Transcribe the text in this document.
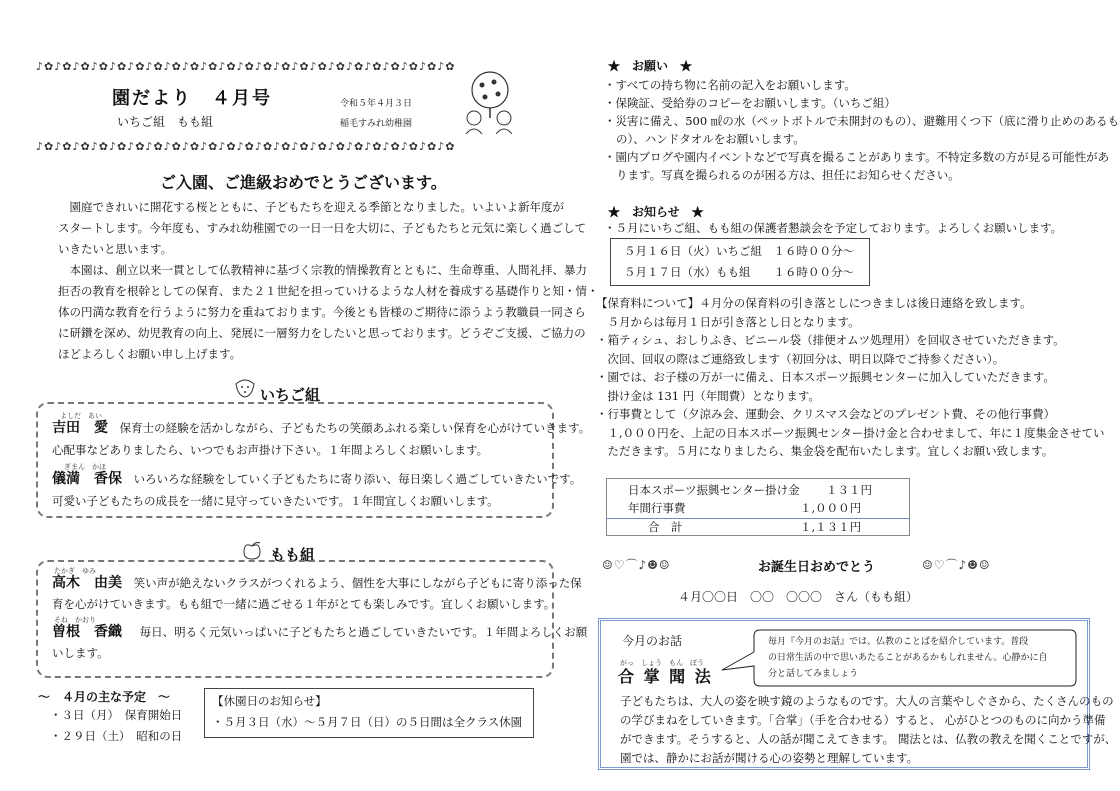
♪✿♪✿♪✿♪✿♪✿♪✿♪✿♪✿♪✿♪✿♪✿♪✿♪✿♪✿♪✿♪✿♪✿♪✿♪✿♪✿♪✿♪✿♪✿
園だより　４月号	令和５年４月３日
いちご組　もも組	稲毛すみれ幼稚園
♪✿♪✿♪✿♪✿♪✿♪✿♪✿♪✿♪✿♪✿♪✿♪✿♪✿♪✿♪✿♪✿♪✿♪✿♪✿♪✿♪✿♪✿♪✿
ご入園、ご進級おめでとうございます。
園庭できれいに開花する桜とともに、子どもたちを迎える季節となりました。いよいよ新年度が
スタートします。今年度も、すみれ幼稚園での一日一日を大切に、子どもたちと元気に楽しく過ごして
いきたいと思います。
本園は、創立以来一貫として仏教精神に基づく宗教的情操教育とともに、生命尊重、人間礼拝、暴力
拒否の教育を根幹としての保育、また２１世紀を担っていけるような人材を養成する基礎作りと知・情・
体の円満な教育を行うように努力を重ねております。今後とも皆様のご期待に添うよう教職員一同さら
に研鑽を深め、幼児教育の向上、発展に一層努力をしたいと思っております。どうぞご支援、ご協力の
ほどよろしくお願い申し上げます。
いちご組
よしだ　あい
吉田　愛 保育士の経験を活かしながら、子どもたちの笑顔あふれる楽しい保育を心がけていきます。
心配事などありましたら、いつでもお声掛け下さい。１年間よろしくお願いします。
ぎまん　かほ
儀満　香保 いろいろな経験をしていく子どもたちに寄り添い、毎日楽しく過ごしていきたいです。
可愛い子どもたちの成長を一緒に見守っていきたいです。１年間宜しくお願いします。
もも組
たかぎ　ゆみ
高木　由美 笑い声が絶えないクラスがつくれるよう、個性を大事にしながら子どもに寄り添った保
育を心がけていきます。もも組で一緒に過ごせる１年がとても楽しみです。宜しくお願いします。
そね　かおり
曽根　香織 毎日、明るく元気いっぱいに子どもたちと過ごしていきたいです。１年間よろしくお願
いします。
～　４月の主な予定　～
・３日（月）　保育開始日
・２９日（土）　昭和の日
【休園日のお知らせ】
・５月３日（水）～５月７日（日）の５日間は全クラス休園
★　お願い　★
・すべての持ち物に名前の記入をお願いします。
・保険証、受給券のコピーをお願いします。（いちご組）
・災害に備え、500 ㎖の水（ペットボトルで未開封のもの）、避難用くつ下（底に滑り止めのあるも
の）、ハンドタオルをお願いします。
・園内ブログや園内イベントなどで写真を撮ることがあります。不特定多数の方が見る可能性があ
ります。写真を撮られるのが困る方は、担任にお知らせください。
★　お知らせ　★
・５月にいちご組、もも組の保護者懇談会を予定しております。よろしくお願いします。
５月１６日（火）いちご組　１６時００分～
５月１７日（水）もも組　　１６時００分～
【保育料について】４月分の保育料の引き落としにつきましは後日連絡を致します。
　５月からは毎月１日が引き落とし日となります。
・箱ティシュ、おしりふき、ビニール袋（排便オムツ処理用）を回収させていただきます。
　次回、回収の際はご連絡致します（初回分は、明日以降でご持参ください）。
・園では、お子様の万が一に備え、日本スポーツ振興センターに加入していただきます。
　掛け金は 131 円（年間費）となります。
・行事費として（夕涼み会、運動会、クリスマス会などのプレゼント費、その他行事費）
　１,０００円を、上記の日本スポーツ振興センター掛け金と合わせまして、年に１度集金させてい
　ただきます。５月になりましたら、集金袋を配布いたします。宜しくお願い致します。
日本スポーツ振興センター掛け金 １３１円
年間行事費	１,０００円
合　計	１,１３１円
☺♡⌒♪☻☺	お誕生日おめでとう	☺♡⌒♪☻☺
４月〇〇日　〇〇　〇〇〇　さん（もも組）
今月のお話
がっ　しょう　もん　ぼう
合 掌 聞 法
毎月『今月のお話』では、仏教のことばを紹介しています。普段
の日常生活の中で思いあたることがあるかもしれません。心静かに自
分と話してみましょう
子どもたちは、大人の姿を映す鏡のようなものです。大人の言葉やしぐさから、たくさんのもの
の学びまねをしていきます。「合掌」（手を合わせる）すると、 心がひとつのものに向かう準備
ができます。そうすると、人の話が聞こえてきます。 聞法とは、仏教の教えを聞くことですが、
園では、静かにお話が聞ける心の姿勢と理解しています。
